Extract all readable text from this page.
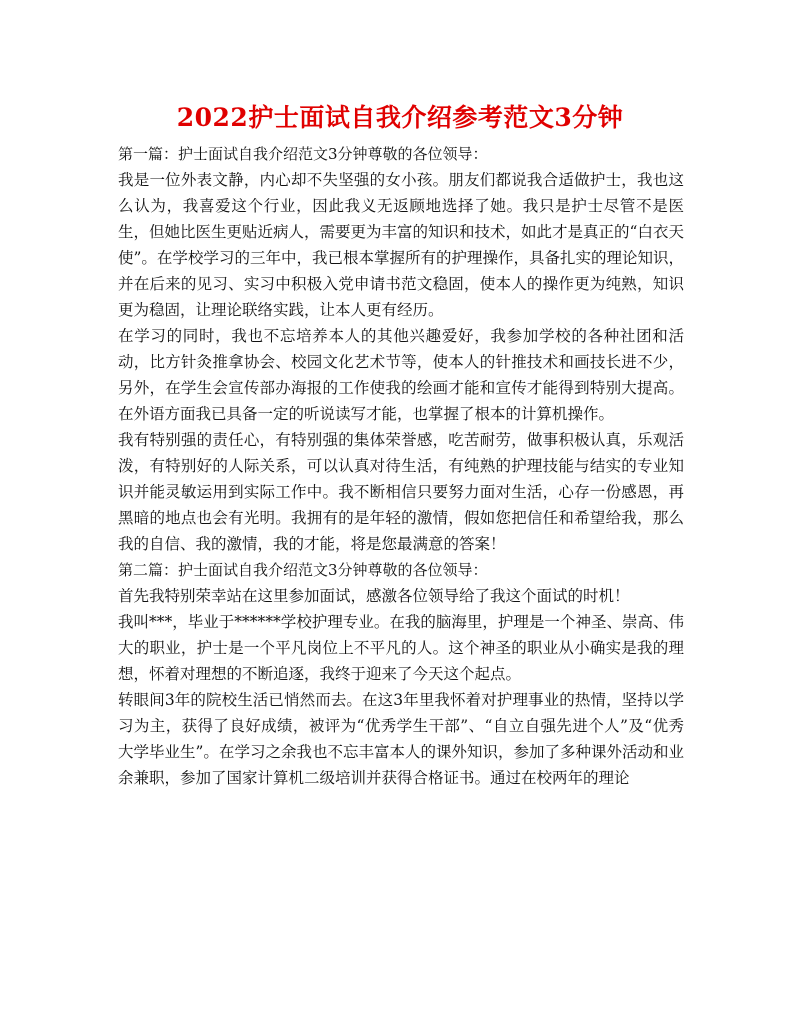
2022护士面试自我介绍参考范文3分钟

第一篇：护士面试自我介绍范文3分钟尊敬的各位领导：

我是一位外表文静，内心却不失坚强的女小孩。朋友们都说我合适做护士，我也这么认为，我喜爱这个行业，因此我义无返顾地选择了她。我只是护士尽管不是医生，但她比医生更贴近病人，需要更为丰富的知识和技术，如此才是真正的“白衣天使”。在学校学习的三年中，我已根本掌握所有的护理操作，具备扎实的理论知识，并在后来的见习、实习中积极入党申请书范文稳固，使本人的操作更为纯熟，知识更为稳固，让理论联络实践，让本人更有经历。

在学习的同时，我也不忘培养本人的其他兴趣爱好，我参加学校的各种社团和活动，比方针灸推拿协会、校园文化艺术节等，使本人的针推技术和画技长进不少，另外，在学生会宣传部办海报的工作使我的绘画才能和宣传才能得到特别大提高。在外语方面我已具备一定的听说读写才能，也掌握了根本的计算机操作。

我有特别强的责任心，有特别强的集体荣誉感，吃苦耐劳，做事积极认真，乐观活泼，有特别好的人际关系，可以认真对待生活，有纯熟的护理技能与结实的专业知识并能灵敏运用到实际工作中。我不断相信只要努力面对生活，心存一份感恩，再黑暗的地点也会有光明。我拥有的是年轻的激情，假如您把信任和希望给我，那么我的自信、我的激情，我的才能，将是您最满意的答案！

第二篇：护士面试自我介绍范文3分钟尊敬的各位领导：

首先我特别荣幸站在这里参加面试，感激各位领导给了我这个面试的时机！

我叫***，毕业于******学校护理专业。在我的脑海里，护理是一个神圣、崇高、伟大的职业，护士是一个平凡岗位上不平凡的人。这个神圣的职业从小确实是我的理想，怀着对理想的不断追逐，我终于迎来了今天这个起点。

转眼间3年的院校生活已悄然而去。在这3年里我怀着对护理事业的热情，坚持以学习为主，获得了良好成绩，被评为“优秀学生干部”、“自立自强先进个人”及“优秀大学毕业生”。在学习之余我也不忘丰富本人的课外知识，参加了多种课外活动和业余兼职，参加了国家计算机二级培训并获得合格证书。通过在校两年的理论
